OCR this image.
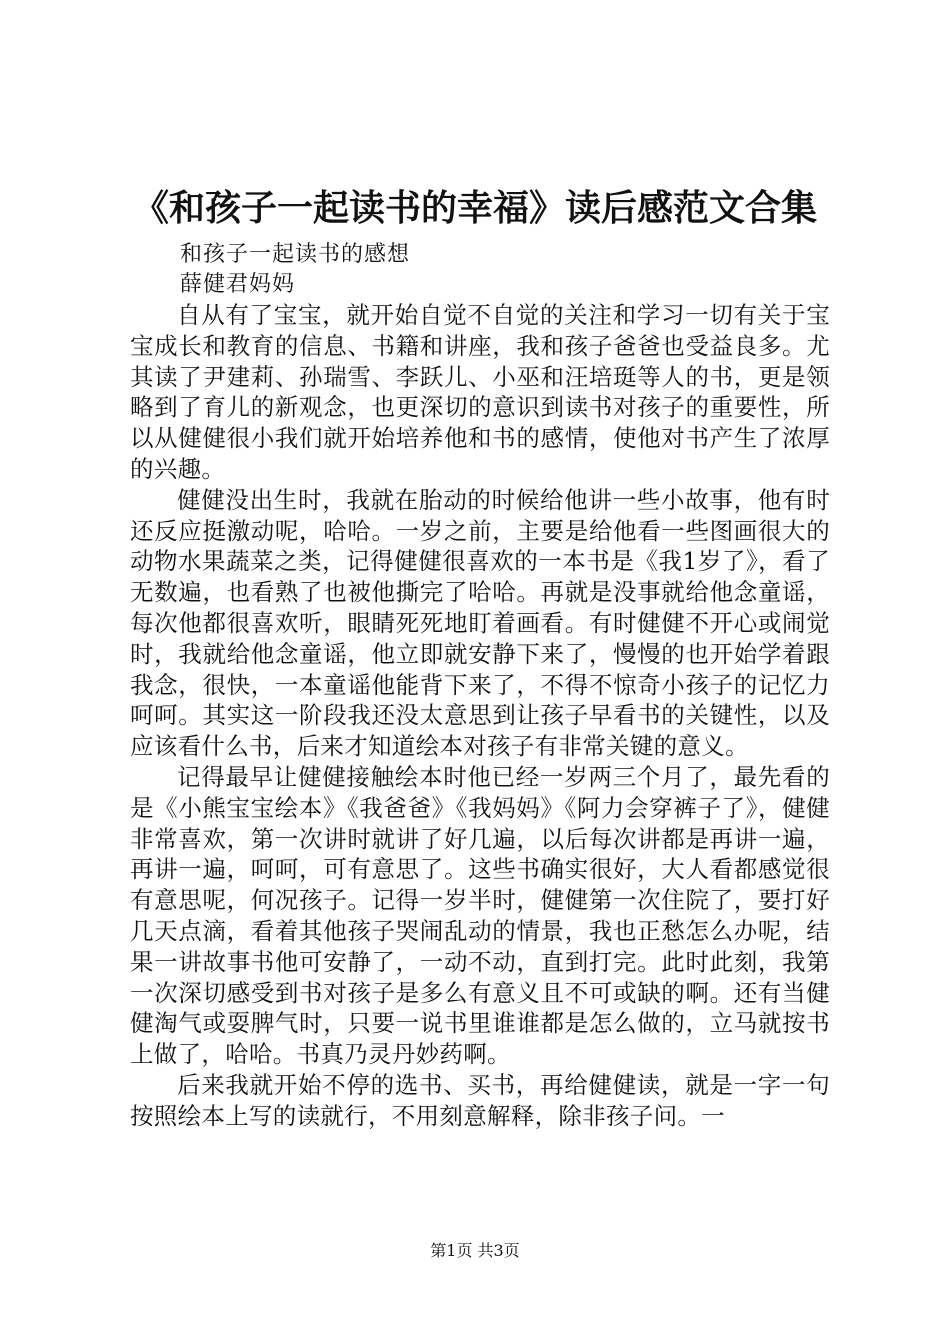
《和孩子一起读书的幸福》读后感范文合集
和孩子一起读书的感想
薛健君妈妈

自从有了宝宝，就开始自觉不自觉的关注和学习一切有关于宝宝成长和教育的信息、书籍和讲座，我和孩子爸爸也受益良多。尤其读了尹建莉、孙瑞雪、李跃儿、小巫和汪培珽等人的书，更是领略到了育儿的新观念，也更深切的意识到读书对孩子的重要性，所以从健健很小我们就开始培养他和书的感情，使他对书产生了浓厚的兴趣。

健健没出生时，我就在胎动的时候给他讲一些小故事，他有时还反应挺激动呢，哈哈。一岁之前，主要是给他看一些图画很大的动物水果蔬菜之类，记得健健很喜欢的一本书是《我1岁了》，看了无数遍，也看熟了也被他撕完了哈哈。再就是没事就给他念童谣，每次他都很喜欢听，眼睛死死地盯着画看。有时健健不开心或闹觉时，我就给他念童谣，他立即就安静下来了，慢慢的也开始学着跟我念，很快，一本童谣他能背下来了，不得不惊奇小孩子的记忆力呵呵。其实这一阶段我还没太意思到让孩子早看书的关键性，以及应该看什么书，后来才知道绘本对孩子有非常关键的意义。

记得最早让健健接触绘本时他已经一岁两三个月了，最先看的是《小熊宝宝绘本》《我爸爸》《我妈妈》《阿力会穿裤子了》，健健非常喜欢，第一次讲时就讲了好几遍，以后每次讲都是再讲一遍，再讲一遍，呵呵，可有意思了。这些书确实很好，大人看都感觉很有意思呢，何况孩子。记得一岁半时，健健第一次住院了，要打好几天点滴，看着其他孩子哭闹乱动的情景，我也正愁怎么办呢，结果一讲故事书他可安静了，一动不动，直到打完。此时此刻，我第一次深切感受到书对孩子是多么有意义且不可或缺的啊。还有当健健淘气或耍脾气时，只要一说书里谁谁都是怎么做的，立马就按书上做了，哈哈。书真乃灵丹妙药啊。

后来我就开始不停的选书、买书，再给健健读，就是一字一句按照绘本上写的读就行，不用刻意解释，除非孩子问。一

第1页 共3页
